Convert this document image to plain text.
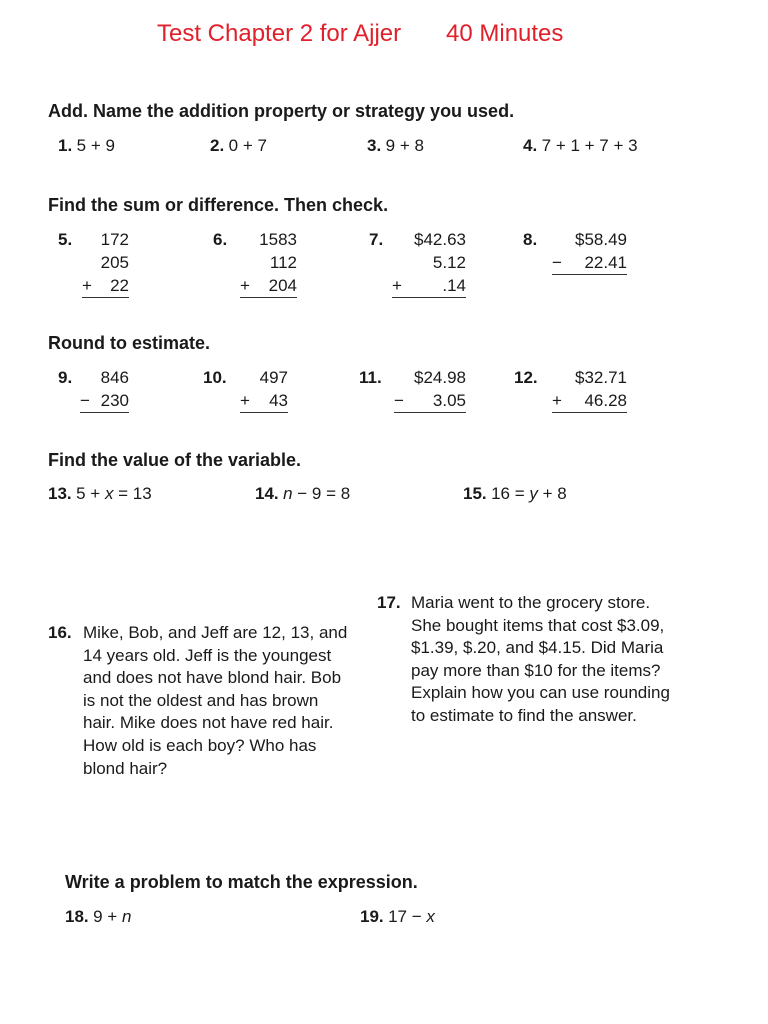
Test Chapter 2 for Ajjer 40 Minutes
Add. Name the addition property or strategy you used.
1. 5 + 9	2. 0 + 7	3. 9 + 8	4. 7 + 1 + 7 + 3
Find the sum or difference. Then check.
5.	172
205
+ 22
6.	1583
112
+ 204
7.	$42.63
5.12
+ .14
8.	$58.49
− 22.41
Round to estimate.
9.	846
− 230
10.	497
+ 43
11.	$24.98
− 3.05
12.	$32.71
+ 46.28
Find the value of the variable.
13. 5 + x = 13	14. n − 9 = 8	15. 16 = y + 8
16. Mike, Bob, and Jeff are 12, 13, and 14 years old. Jeff is the youngest and does not have blond hair. Bob is not the oldest and has brown hair. Mike does not have red hair. How old is each boy? Who has blond hair?
17. Maria went to the grocery store. She bought items that cost $3.09, $1.39, $.20, and $4.15. Did Maria pay more than $10 for the items? Explain how you can use rounding to estimate to find the answer.
Write a problem to match the expression.
18. 9 + n	19. 17 − x
